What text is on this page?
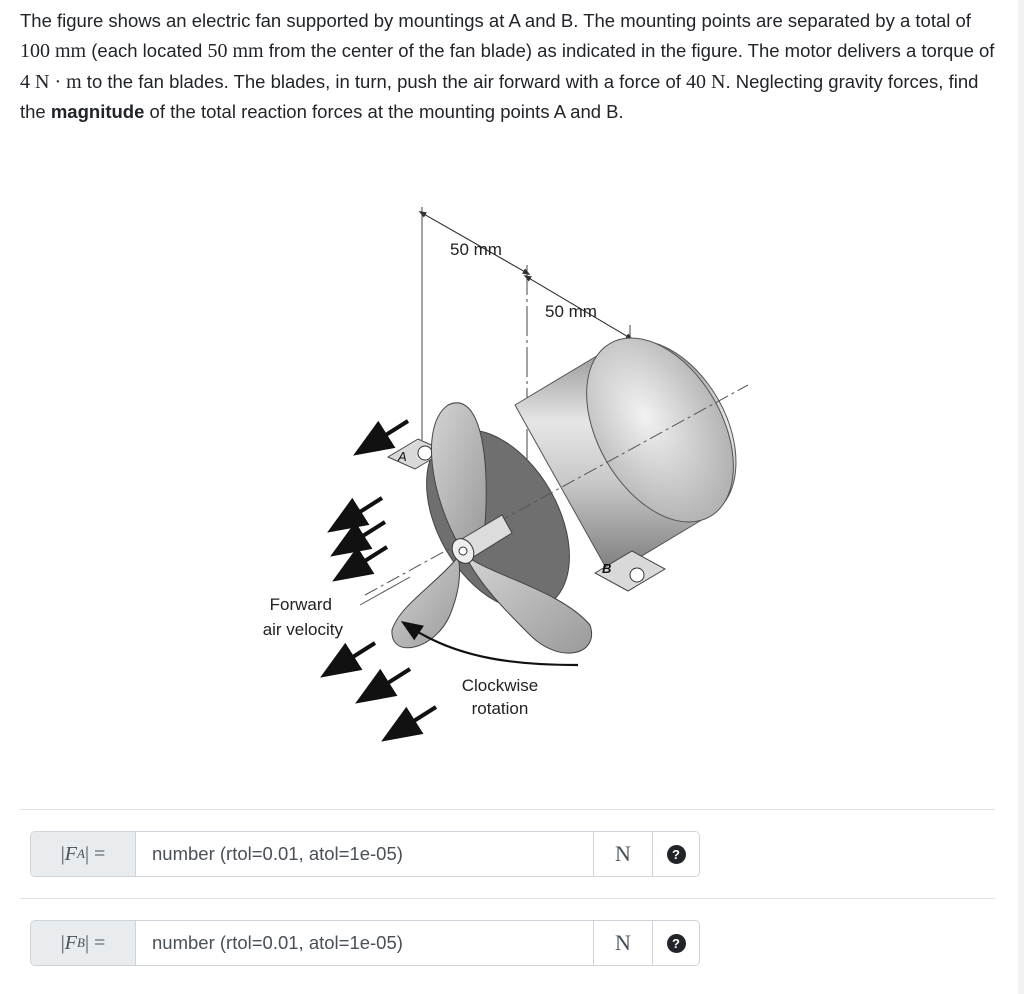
The figure shows an electric fan supported by mountings at A and B. The mounting points are separated by a total of 100 mm (each located 50 mm from the center of the fan blade) as indicated in the figure. The motor delivers a torque of 4 N · m to the fan blades. The blades, in turn, push the air forward with a force of 40 N. Neglecting gravity forces, find the magnitude of the total reaction forces at the mounting points A and B.
50 mm
50 mm
A
B
Clockwise
rotation
Forward
air velocity
| F A | =
number (rtol=0.01, atol=1e-05)	N	?
| F B | =
number (rtol=0.01, atol=1e-05)	N	?
